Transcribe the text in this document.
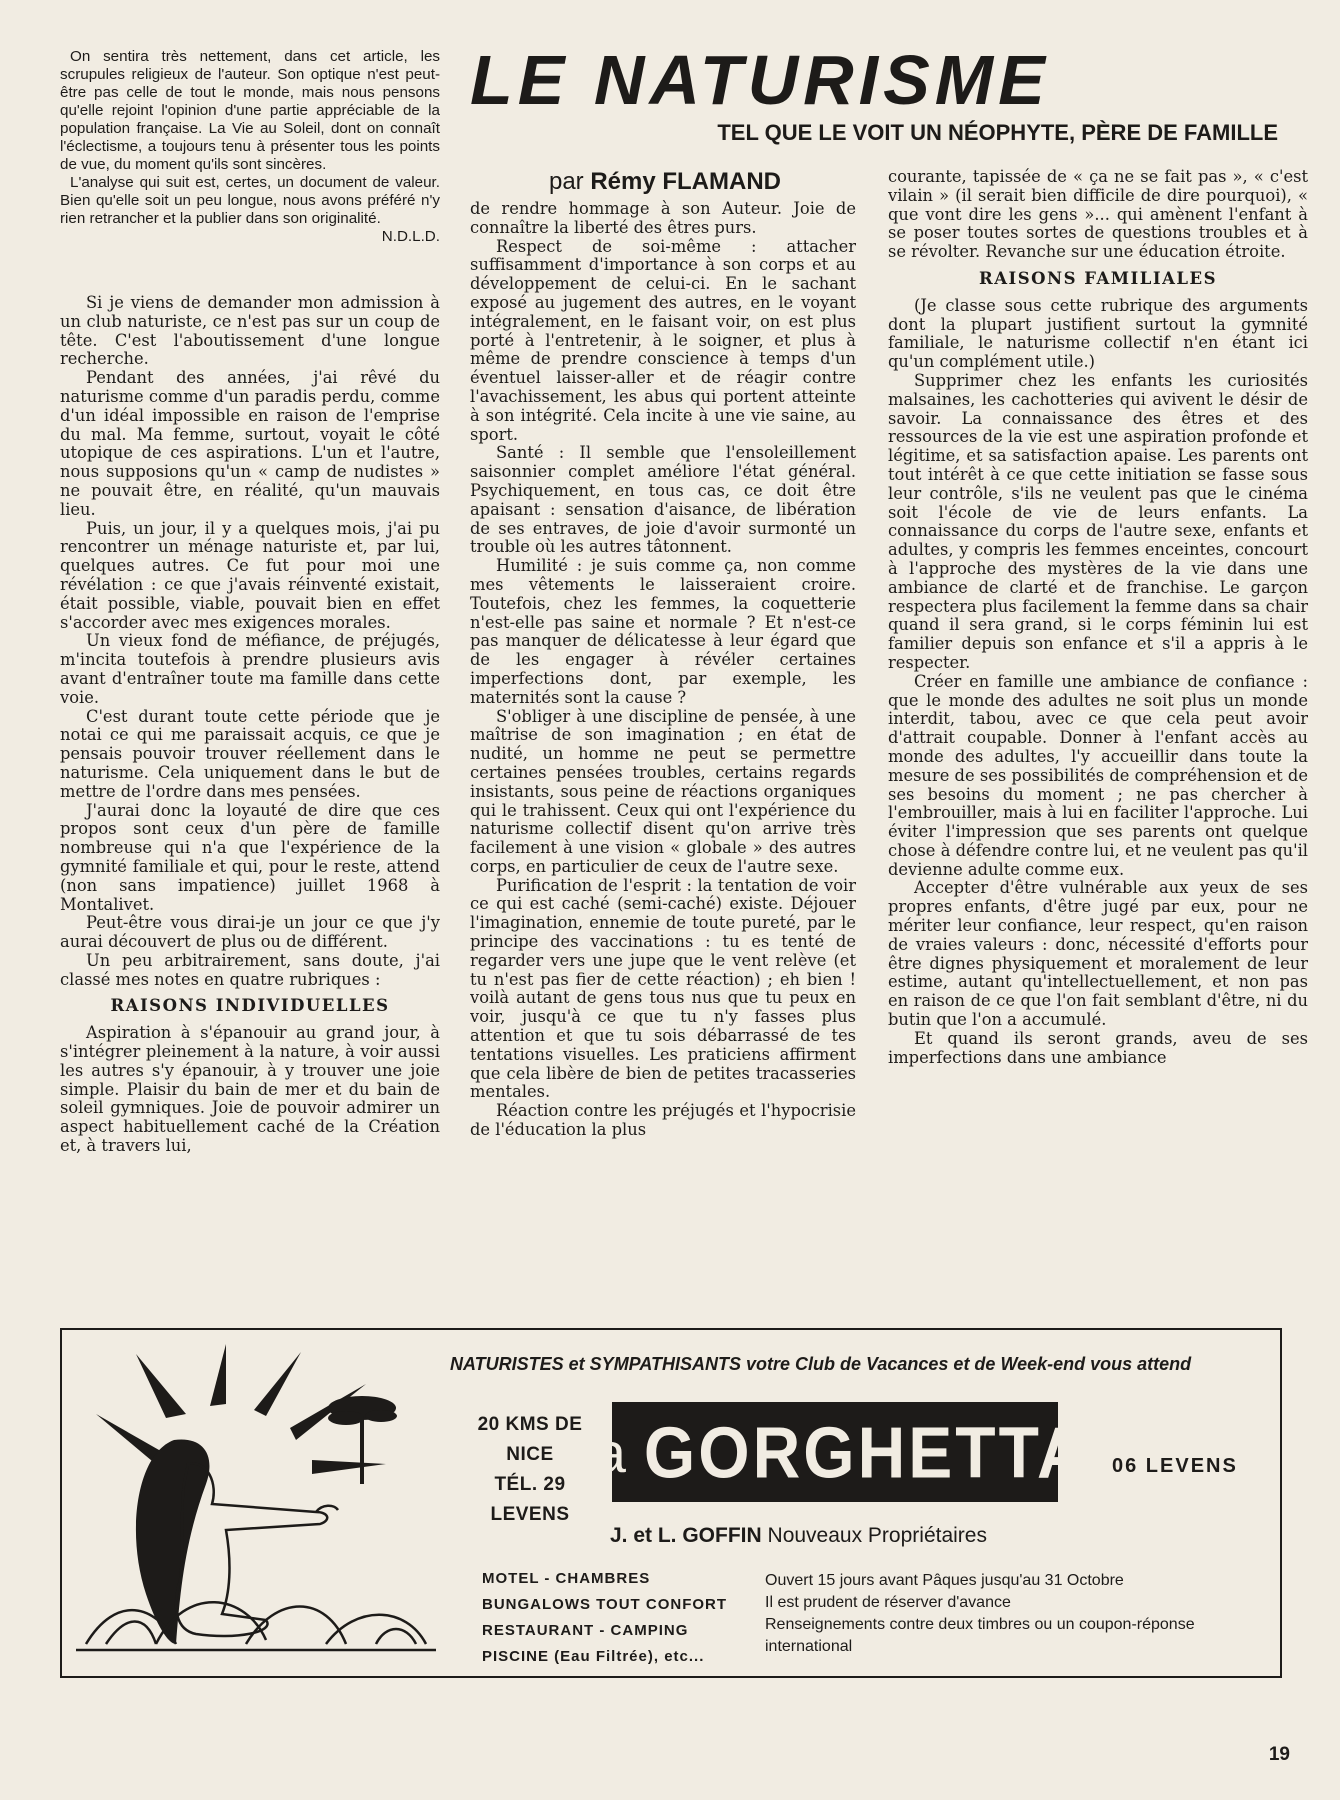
On sentira très nettement, dans cet article, les scrupules religieux de l'auteur. Son optique n'est peut-être pas celle de tout le monde, mais nous pensons qu'elle rejoint l'opinion d'une partie appréciable de la population française. La Vie au Soleil, dont on connaît l'éclectisme, a toujours tenu à présenter tous les points de vue, du moment qu'ils sont sincères.

L'analyse qui suit est, certes, un document de valeur. Bien qu'elle soit un peu longue, nous avons préféré n'y rien retrancher et la publier dans son originalité.

N.D.L.D.

LE NATURISME
TEL QUE LE VOIT UN NÉOPHYTE, PÈRE DE FAMILLE
par Rémy FLAMAND

Si je viens de demander mon admission à un club naturiste, ce n'est pas sur un coup de tête. C'est l'aboutissement d'une longue recherche.

Pendant des années, j'ai rêvé du naturisme comme d'un paradis perdu, comme d'un idéal impossible en raison de l'emprise du mal. Ma femme, surtout, voyait le côté utopique de ces aspirations. L'un et l'autre, nous supposions qu'un « camp de nudistes » ne pouvait être, en réalité, qu'un mauvais lieu.

Puis, un jour, il y a quelques mois, j'ai pu rencontrer un ménage naturiste et, par lui, quelques autres. Ce fut pour moi une révélation : ce que j'avais réinventé existait, était possible, viable, pouvait bien en effet s'accorder avec mes exigences morales.

Un vieux fond de méfiance, de préjugés, m'incita toutefois à prendre plusieurs avis avant d'entraîner toute ma famille dans cette voie.

C'est durant toute cette période que je notai ce qui me paraissait acquis, ce que je pensais pouvoir trouver réellement dans le naturisme. Cela uniquement dans le but de mettre de l'ordre dans mes pensées.

J'aurai donc la loyauté de dire que ces propos sont ceux d'un père de famille nombreuse qui n'a que l'expérience de la gymnité familiale et qui, pour le reste, attend (non sans impatience) juillet 1968 à Montalivet.

Peut-être vous dirai-je un jour ce que j'y aurai découvert de plus ou de différent.

Un peu arbitrairement, sans doute, j'ai classé mes notes en quatre rubriques :

RAISONS INDIVIDUELLES

Aspiration à s'épanouir au grand jour, à s'intégrer pleinement à la nature, à voir aussi les autres s'y épanouir, à y trouver une joie simple. Plaisir du bain de mer et du bain de soleil gymniques. Joie de pouvoir admirer un aspect habituellement caché de la Création et, à travers lui,

de rendre hommage à son Auteur. Joie de connaître la liberté des êtres purs.

Respect de soi-même : attacher suffisamment d'importance à son corps et au développement de celui-ci. En le sachant exposé au jugement des autres, en le voyant intégralement, en le faisant voir, on est plus porté à l'entretenir, à le soigner, et plus à même de prendre conscience à temps d'un éventuel laisser-aller et de réagir contre l'avachissement, les abus qui portent atteinte à son intégrité. Cela incite à une vie saine, au sport.

Santé : Il semble que l'ensoleillement saisonnier complet améliore l'état général. Psychiquement, en tous cas, ce doit être apaisant : sensation d'aisance, de libération de ses entraves, de joie d'avoir surmonté un trouble où les autres tâtonnent.

Humilité : je suis comme ça, non comme mes vêtements le laisseraient croire. Toutefois, chez les femmes, la coquetterie n'est-elle pas saine et normale ? Et n'est-ce pas manquer de délicatesse à leur égard que de les engager à révéler certaines imperfections dont, par exemple, les maternités sont la cause ?

S'obliger à une discipline de pensée, à une maîtrise de son imagination ; en état de nudité, un homme ne peut se permettre certaines pensées troubles, certains regards insistants, sous peine de réactions organiques qui le trahissent. Ceux qui ont l'expérience du naturisme collectif disent qu'on arrive très facilement à une vision « globale » des autres corps, en particulier de ceux de l'autre sexe.

Purification de l'esprit : la tentation de voir ce qui est caché (semi-caché) existe. Déjouer l'imagination, ennemie de toute pureté, par le principe des vaccinations : tu es tenté de regarder vers une jupe que le vent relève (et tu n'est pas fier de cette réaction) ; eh bien ! voilà autant de gens tous nus que tu peux en voir, jusqu'à ce que tu n'y fasses plus attention et que tu sois débarrassé de tes tentations visuelles. Les praticiens affirment que cela libère de bien de petites tracasseries mentales.

Réaction contre les préjugés et l'hypocrisie de l'éducation la plus

courante, tapissée de « ça ne se fait pas », « c'est vilain » (il serait bien difficile de dire pourquoi), « que vont dire les gens »... qui amènent l'enfant à se poser toutes sortes de questions troubles et à se révolter. Revanche sur une éducation étroite.

RAISONS FAMILIALES

(Je classe sous cette rubrique des arguments dont la plupart justifient surtout la gymnité familiale, le naturisme collectif n'en étant ici qu'un complément utile.)

Supprimer chez les enfants les curiosités malsaines, les cachotteries qui avivent le désir de savoir. La connaissance des êtres et des ressources de la vie est une aspiration profonde et légitime, et sa satisfaction apaise. Les parents ont tout intérêt à ce que cette initiation se fasse sous leur contrôle, s'ils ne veulent pas que le cinéma soit l'école de vie de leurs enfants. La connaissance du corps de l'autre sexe, enfants et adultes, y compris les femmes enceintes, concourt à l'approche des mystères de la vie dans une ambiance de clarté et de franchise. Le garçon respectera plus facilement la femme dans sa chair quand il sera grand, si le corps féminin lui est familier depuis son enfance et s'il a appris à le respecter.

Créer en famille une ambiance de confiance : que le monde des adultes ne soit plus un monde interdit, tabou, avec ce que cela peut avoir d'attrait coupable. Donner à l'enfant accès au monde des adultes, l'y accueillir dans toute la mesure de ses possibilités de compréhension et de ses besoins du moment ; ne pas chercher à l'embrouiller, mais à lui en faciliter l'approche. Lui éviter l'impression que ses parents ont quelque chose à défendre contre lui, et ne veulent pas qu'il devienne adulte comme eux.

Accepter d'être vulnérable aux yeux de ses propres enfants, d'être jugé par eux, pour ne mériter leur confiance, leur respect, qu'en raison de vraies valeurs : donc, nécessité d'efforts pour être dignes physiquement et moralement de leur estime, autant qu'intellectuellement, et non pas en raison de ce que l'on fait semblant d'être, ni du butin que l'on a accumulé.

Et quand ils seront grands, aveu de ses imperfections dans une ambiance

NATURISTES et SYMPATHISANTS votre Club de Vacances et de Week-end vous attend
20 KMS DE NICE
TÉL. 29
LEVENS
la GORGHETTA 06 LEVENS
J. et L. GOFFIN Nouveaux Propriétaires
MOTEL - CHAMBRES
BUNGALOWS TOUT CONFORT
RESTAURANT - CAMPING
PISCINE (Eau Filtrée), etc...

Ouvert 15 jours avant Pâques jusqu'au 31 Octobre

Il est prudent de réserver d'avance

Renseignements contre deux timbres ou un coupon-réponse international

19
